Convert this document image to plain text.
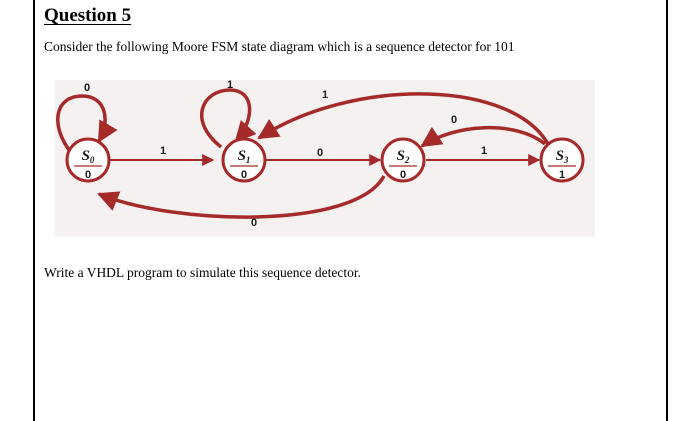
Question 5
Consider the following Moore FSM state diagram which is a sequence detector for 101
$S_0$
0
$S_1$
0
$S_2$
0
$S_3$
1
0
1
1
0
0
1
1
0
Write a VHDL program to simulate this sequence detector.
